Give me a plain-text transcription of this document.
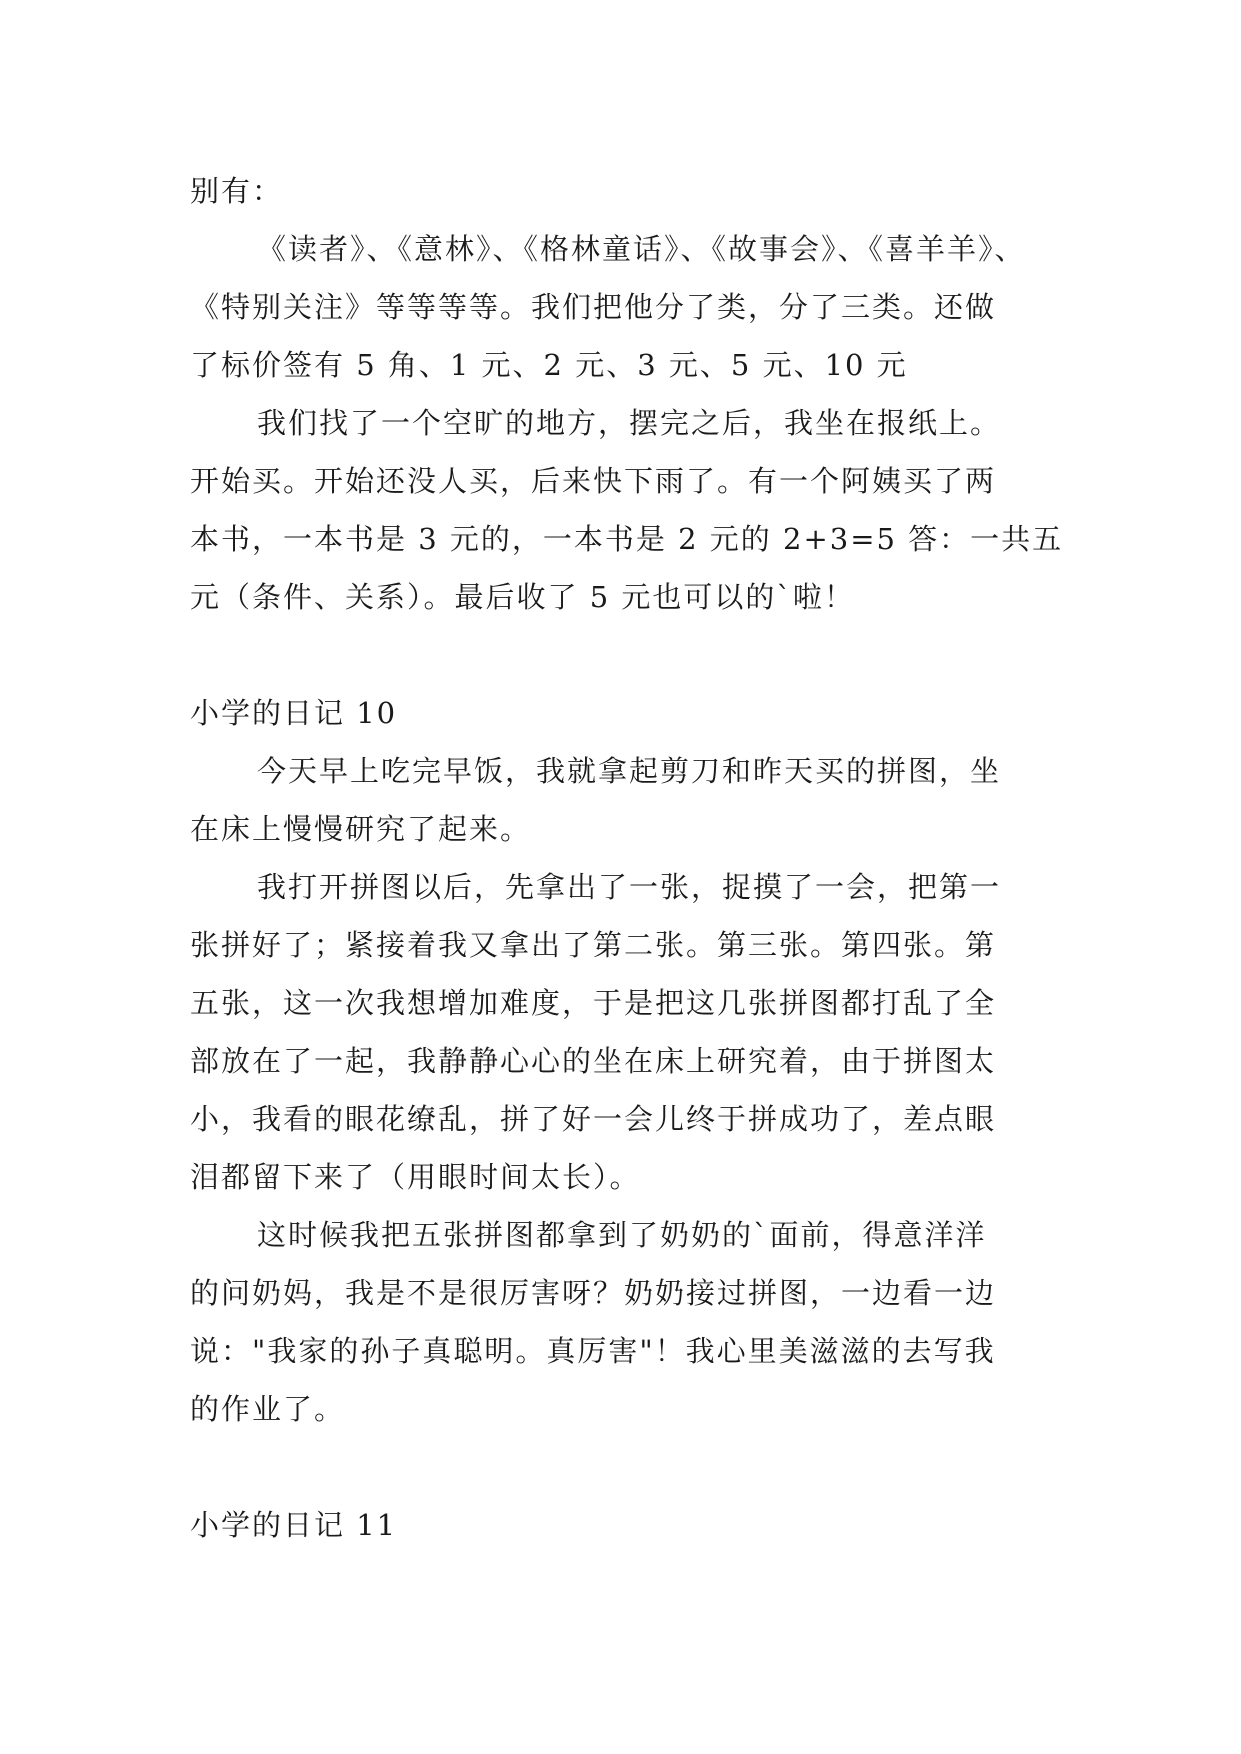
别有：
《读者》、《意林》、《格林童话》、《故事会》、《喜羊羊》、
《特别关注》等等等等。我们把他分了类，分了三类。还做
了标价签有 5 角、1 元、2 元、3 元、5 元、10 元
我们找了一个空旷的地方，摆完之后，我坐在报纸上。
开始买。开始还没人买，后来快下雨了。有一个阿姨买了两
本书，一本书是 3 元的，一本书是 2 元的 2+3=5 答：一共五
元（条件、关系）。最后收了 5 元也可以的`啦！
小学的日记 10
今天早上吃完早饭，我就拿起剪刀和昨天买的拼图，坐
在床上慢慢研究了起来。
我打开拼图以后，先拿出了一张，捉摸了一会，把第一
张拼好了；紧接着我又拿出了第二张。第三张。第四张。第
五张，这一次我想增加难度，于是把这几张拼图都打乱了全
部放在了一起，我静静心心的坐在床上研究着，由于拼图太
小，我看的眼花缭乱，拼了好一会儿终于拼成功了，差点眼
泪都留下来了（用眼时间太长）。
这时候我把五张拼图都拿到了奶奶的`面前，得意洋洋
的问奶妈，我是不是很厉害呀？奶奶接过拼图，一边看一边
说："我家的孙子真聪明。真厉害"！我心里美滋滋的去写我
的作业了。
小学的日记 11
